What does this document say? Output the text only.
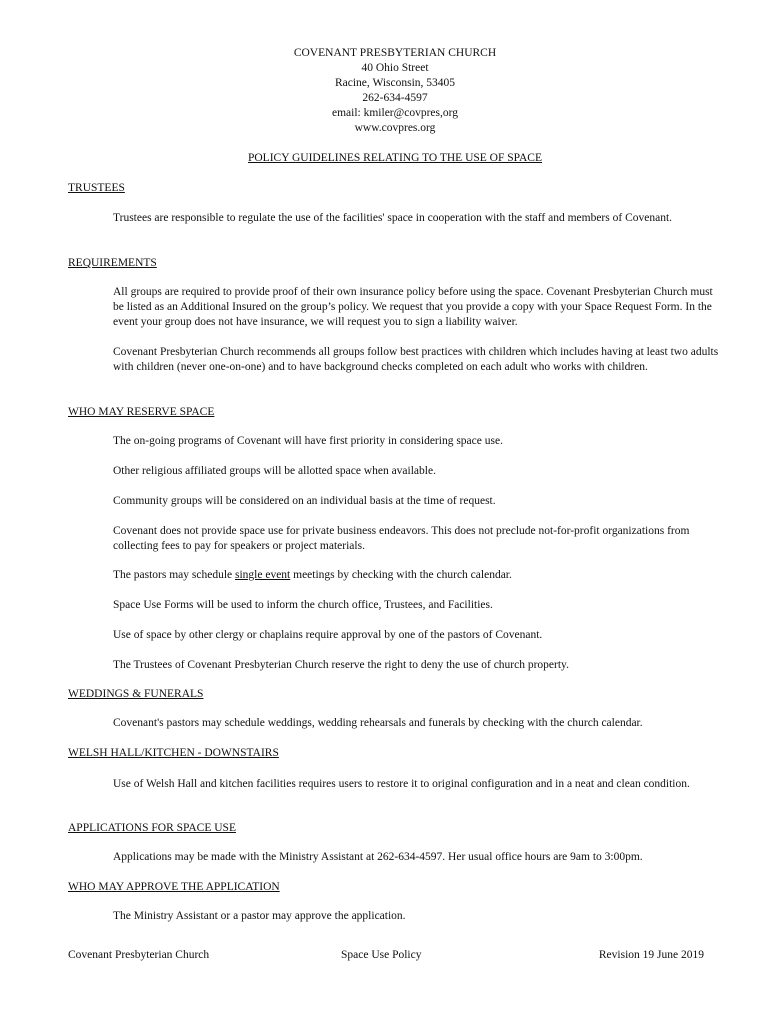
COVENANT PRESBYTERIAN CHURCH
40 Ohio Street
Racine, Wisconsin, 53405
262-634-4597
email: kmiler@covpres,org
www.covpres.org
POLICY GUIDELINES RELATING TO THE USE OF SPACE
TRUSTEES
Trustees are responsible to regulate the use of the facilities' space in cooperation with the staff and members of Covenant.
REQUIREMENTS
All groups are required to provide proof of their own insurance policy before using the space. Covenant Presbyterian Church must be listed as an Additional Insured on the group’s policy. We request that you provide a copy with your Space Request Form. In the event your group does not have insurance, we will request you to sign a liability waiver.
Covenant Presbyterian Church recommends all groups follow best practices with children which includes having at least two adults with children (never one-on-one) and to have background checks completed on each adult who works with children.
WHO MAY RESERVE SPACE
The on-going programs of Covenant will have first priority in considering space use.
Other religious affiliated groups will be allotted space when available.
Community groups will be considered on an individual basis at the time of request.
Covenant does not provide space use for private business endeavors. This does not preclude not-for-profit organizations from collecting fees to pay for speakers or project materials.
The pastors may schedule single event meetings by checking with the church calendar.
Space Use Forms will be used to inform the church office, Trustees, and Facilities.
Use of space by other clergy or chaplains require approval by one of the pastors of Covenant.
The Trustees of Covenant Presbyterian Church reserve the right to deny the use of church property.
WEDDINGS & FUNERALS
Covenant's pastors may schedule weddings, wedding rehearsals and funerals by checking with the church calendar.
WELSH HALL/KITCHEN - DOWNSTAIRS
Use of Welsh Hall and kitchen facilities requires users to restore it to original configuration and in a neat and clean condition.
APPLICATIONS FOR SPACE USE
Applications may be made with the Ministry Assistant at 262-634-4597. Her usual office hours are 9am to 3:00pm.
WHO MAY APPROVE THE APPLICATION
The Ministry Assistant or a pastor may approve the application.
Covenant Presbyterian Church	Space Use Policy	Revision 19 June 2019
